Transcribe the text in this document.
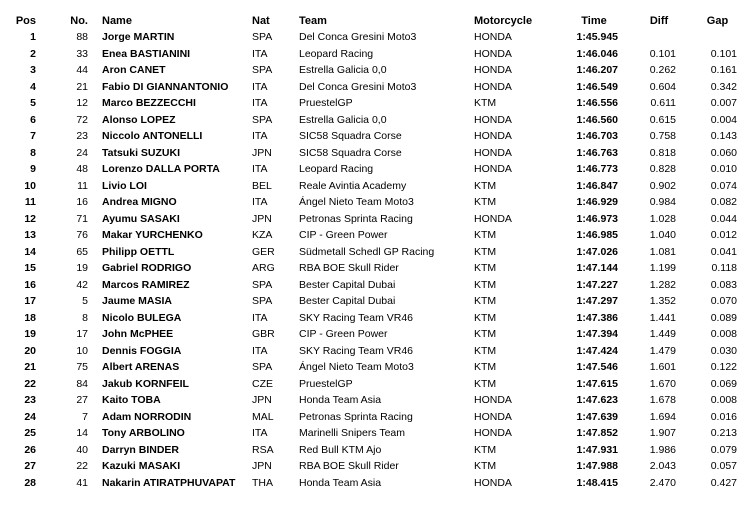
Pos	No.	Name	Nat	Team	Motorcycle	Time	Diff	Gap
1	88	Jorge MARTIN	SPA	Del Conca Gresini Moto3	HONDA	1:45.945		
2	33	Enea BASTIANINI	ITA	Leopard Racing	HONDA	1:46.046	0.101	0.101
3	44	Aron CANET	SPA	Estrella Galicia 0,0	HONDA	1:46.207	0.262	0.161
4	21	Fabio DI GIANNANTONIO	ITA	Del Conca Gresini Moto3	HONDA	1:46.549	0.604	0.342
5	12	Marco BEZZECCHI	ITA	PruestelGP	KTM	1:46.556	0.611	0.007
6	72	Alonso LOPEZ	SPA	Estrella Galicia 0,0	HONDA	1:46.560	0.615	0.004
7	23	Niccolo ANTONELLI	ITA	SIC58 Squadra Corse	HONDA	1:46.703	0.758	0.143
8	24	Tatsuki SUZUKI	JPN	SIC58 Squadra Corse	HONDA	1:46.763	0.818	0.060
9	48	Lorenzo DALLA PORTA	ITA	Leopard Racing	HONDA	1:46.773	0.828	0.010
10	11	Livio LOI	BEL	Reale Avintia Academy	KTM	1:46.847	0.902	0.074
11	16	Andrea MIGNO	ITA	Ángel Nieto Team Moto3	KTM	1:46.929	0.984	0.082
12	71	Ayumu SASAKI	JPN	Petronas Sprinta Racing	HONDA	1:46.973	1.028	0.044
13	76	Makar YURCHENKO	KZA	CIP - Green Power	KTM	1:46.985	1.040	0.012
14	65	Philipp OETTL	GER	Südmetall Schedl GP Racing	KTM	1:47.026	1.081	0.041
15	19	Gabriel RODRIGO	ARG	RBA BOE Skull Rider	KTM	1:47.144	1.199	0.118
16	42	Marcos RAMIREZ	SPA	Bester Capital Dubai	KTM	1:47.227	1.282	0.083
17	5	Jaume MASIA	SPA	Bester Capital Dubai	KTM	1:47.297	1.352	0.070
18	8	Nicolo BULEGA	ITA	SKY Racing Team VR46	KTM	1:47.386	1.441	0.089
19	17	John McPHEE	GBR	CIP - Green Power	KTM	1:47.394	1.449	0.008
20	10	Dennis FOGGIA	ITA	SKY Racing Team VR46	KTM	1:47.424	1.479	0.030
21	75	Albert ARENAS	SPA	Ángel Nieto Team Moto3	KTM	1:47.546	1.601	0.122
22	84	Jakub KORNFEIL	CZE	PruestelGP	KTM	1:47.615	1.670	0.069
23	27	Kaito TOBA	JPN	Honda Team Asia	HONDA	1:47.623	1.678	0.008
24	7	Adam NORRODIN	MAL	Petronas Sprinta Racing	HONDA	1:47.639	1.694	0.016
25	14	Tony ARBOLINO	ITA	Marinelli Snipers Team	HONDA	1:47.852	1.907	0.213
26	40	Darryn BINDER	RSA	Red Bull KTM Ajo	KTM	1:47.931	1.986	0.079
27	22	Kazuki MASAKI	JPN	RBA BOE Skull Rider	KTM	1:47.988	2.043	0.057
28	41	Nakarin ATIRATPHUVAPAT	THA	Honda Team Asia	HONDA	1:48.415	2.470	0.427
